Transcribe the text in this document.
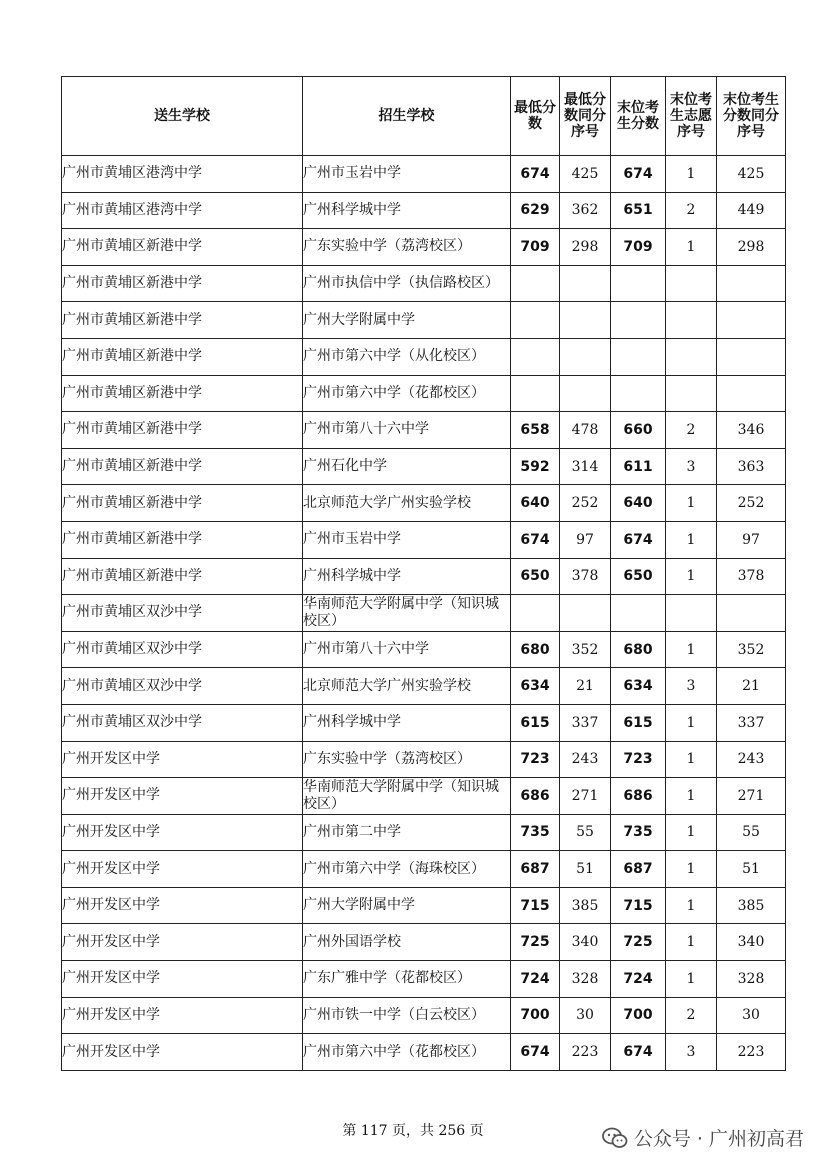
送生学校	招生学校	最低分数	最低分数同分序号	末位考生分数	末位考生志愿序号	末位考生分数同分序号
广州市黄埔区港湾中学	广州市玉岩中学	674	425	674	1	425
广州市黄埔区港湾中学	广州科学城中学	629	362	651	2	449
广州市黄埔区新港中学	广东实验中学（荔湾校区）	709	298	709	1	298
广州市黄埔区新港中学	广州市执信中学（执信路校区）					
广州市黄埔区新港中学	广州大学附属中学					
广州市黄埔区新港中学	广州市第六中学（从化校区）					
广州市黄埔区新港中学	广州市第六中学（花都校区）					
广州市黄埔区新港中学	广州市第八十六中学	658	478	660	2	346
广州市黄埔区新港中学	广州石化中学	592	314	611	3	363
广州市黄埔区新港中学	北京师范大学广州实验学校	640	252	640	1	252
广州市黄埔区新港中学	广州市玉岩中学	674	97	674	1	97
广州市黄埔区新港中学	广州科学城中学	650	378	650	1	378
广州市黄埔区双沙中学	华南师范大学附属中学（知识城校区）					
广州市黄埔区双沙中学	广州市第八十六中学	680	352	680	1	352
广州市黄埔区双沙中学	北京师范大学广州实验学校	634	21	634	3	21
广州市黄埔区双沙中学	广州科学城中学	615	337	615	1	337
广州开发区中学	广东实验中学（荔湾校区）	723	243	723	1	243
广州开发区中学	华南师范大学附属中学（知识城校区）	686	271	686	1	271
广州开发区中学	广州市第二中学	735	55	735	1	55
广州开发区中学	广州市第六中学（海珠校区）	687	51	687	1	51
广州开发区中学	广州大学附属中学	715	385	715	1	385
广州开发区中学	广州外国语学校	725	340	725	1	340
广州开发区中学	广东广雅中学（花都校区）	724	328	724	1	328
广州开发区中学	广州市铁一中学（白云校区）	700	30	700	2	30
广州开发区中学	广州市第六中学（花都校区）	674	223	674	3	223
第 117 页，共 256 页	公众号 · 广州初高君
